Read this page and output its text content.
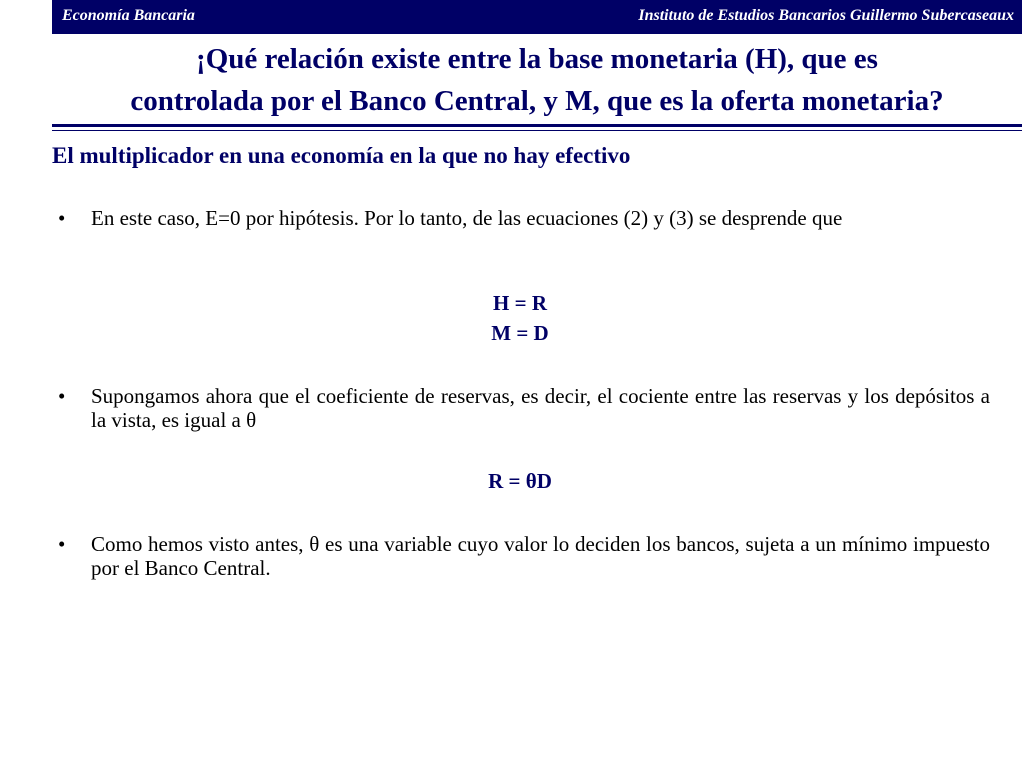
Economía Bancaria	Instituto de Estudios Bancarios Guillermo Subercaseaux
¡Qué relación existe entre la base monetaria (H), que es
controlada por el Banco Central, y M, que es la oferta monetaria?
El multiplicador en una economía en la que no hay efectivo
• En este caso, E=0 por hipótesis. Por lo tanto, de las ecuaciones (2) y (3) se desprende que
H = R
M = D
• Supongamos ahora que el coeficiente de reservas, es decir, el cociente entre las reservas y los depósitos a la vista, es igual a θ
R = θD
• Como hemos visto antes, θ es una variable cuyo valor lo deciden los bancos, sujeta a un mínimo impuesto por el Banco Central.
